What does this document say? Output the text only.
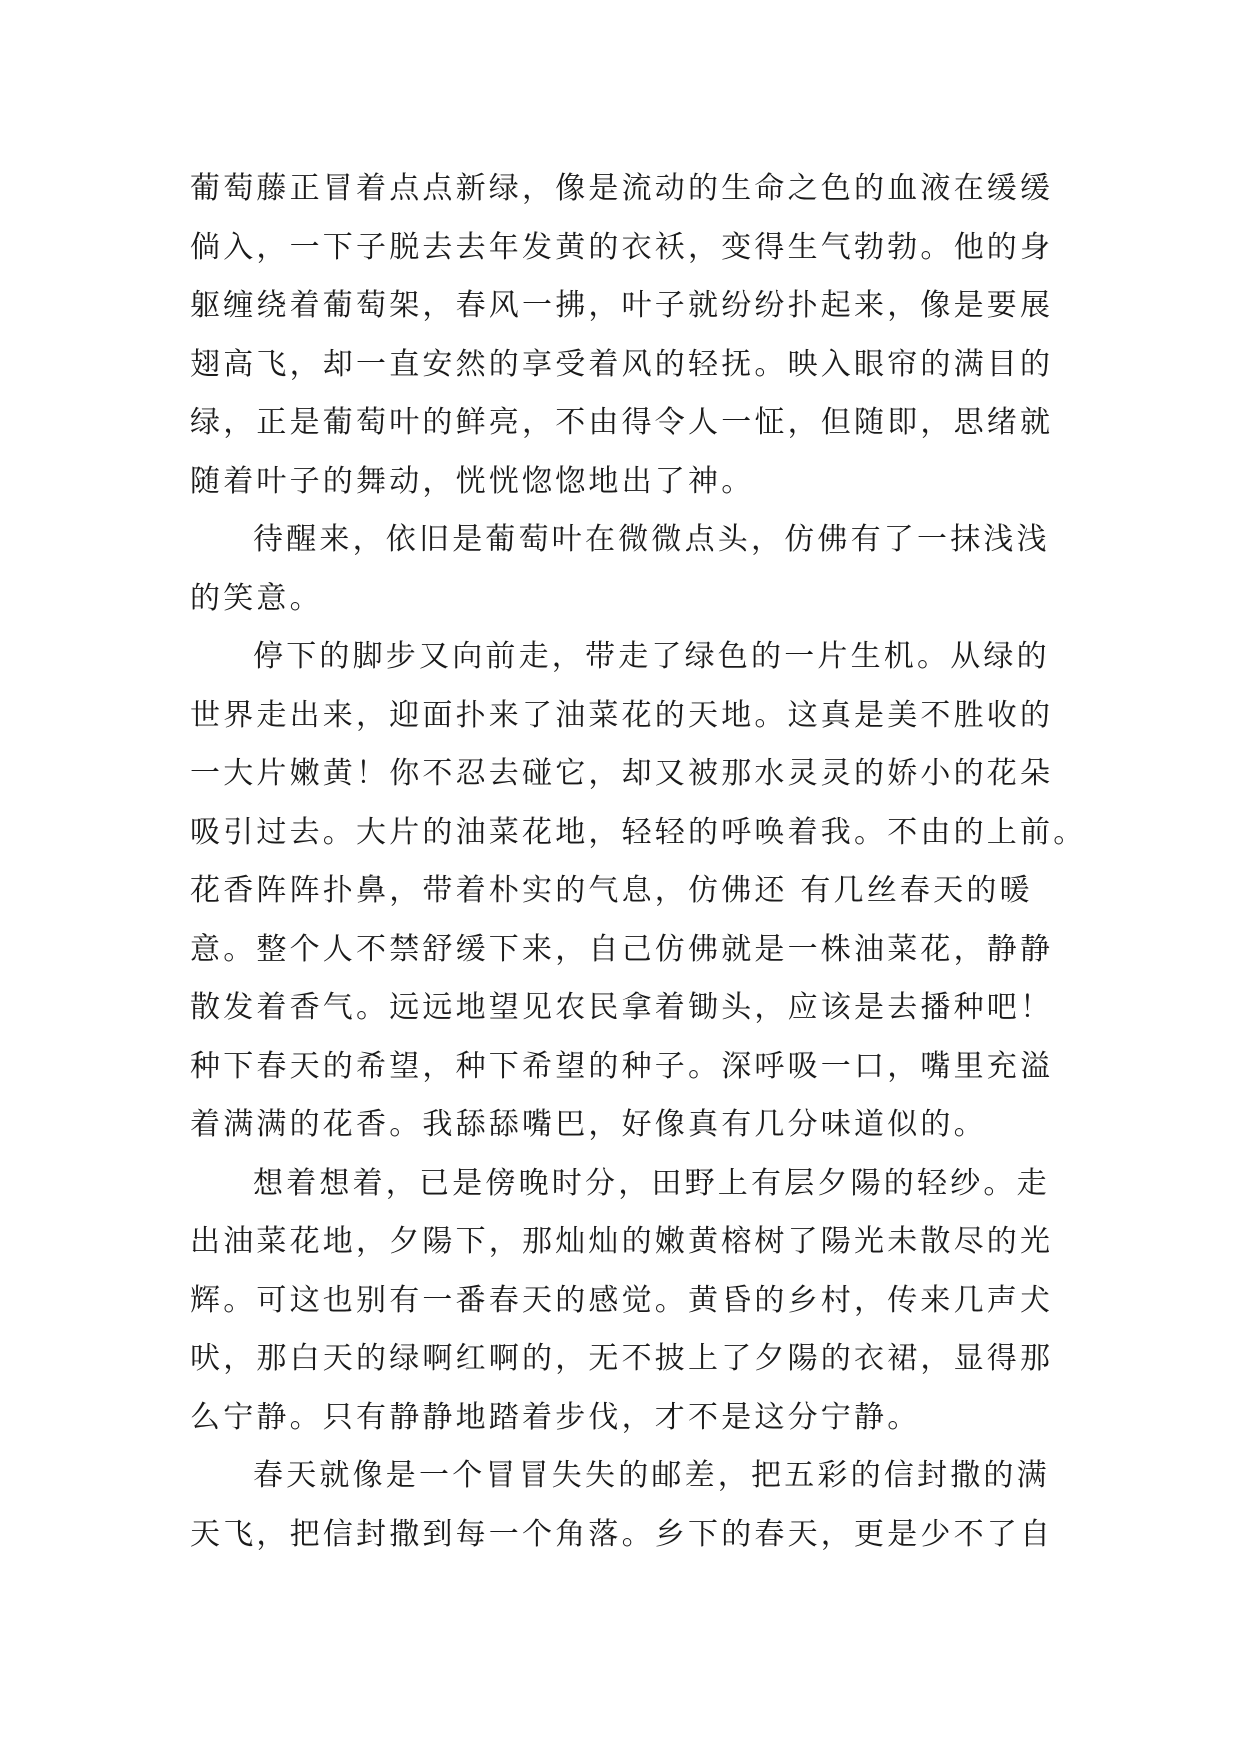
葡萄藤正冒着点点新绿，像是流动的生命之色的血液在缓缓
倘入，一下子脱去去年发黄的衣袄，变得生气勃勃。他的身
躯缠绕着葡萄架，春风一拂，叶子就纷纷扑起来，像是要展
翅高飞，却一直安然的享受着风的轻抚。映入眼帘的满目的
绿，正是葡萄叶的鲜亮，不由得令人一怔，但随即，思绪就
随着叶子的舞动，恍恍惚惚地出了神。
待醒来，依旧是葡萄叶在微微点头，仿佛有了一抹浅浅
的笑意。
停下的脚步又向前走，带走了绿色的一片生机。从绿的
世界走出来，迎面扑来了油菜花的天地。这真是美不胜收的
一大片嫩黄！你不忍去碰它，却又被那水灵灵的娇小的花朵
吸引过去。大片的油菜花地，轻轻的呼唤着我。不由的上前。
花香阵阵扑鼻，带着朴实的气息，仿佛还 有几丝春天的暖
意。整个人不禁舒缓下来，自己仿佛就是一株油菜花，静静
散发着香气。远远地望见农民拿着锄头，应该是去播种吧！
种下春天的希望，种下希望的种子。深呼吸一口，嘴里充溢
着满满的花香。我舔舔嘴巴，好像真有几分味道似的。
想着想着，已是傍晚时分，田野上有层夕陽的轻纱。走
出油菜花地，夕陽下，那灿灿的嫩黄榕树了陽光未散尽的光
辉。可这也别有一番春天的感觉。黄昏的乡村，传来几声犬
吠，那白天的绿啊红啊的，无不披上了夕陽的衣裙，显得那
么宁静。只有静静地踏着步伐，才不是这分宁静。
春天就像是一个冒冒失失的邮差，把五彩的信封撒的满
天飞，把信封撒到每一个角落。乡下的春天，更是少不了自
